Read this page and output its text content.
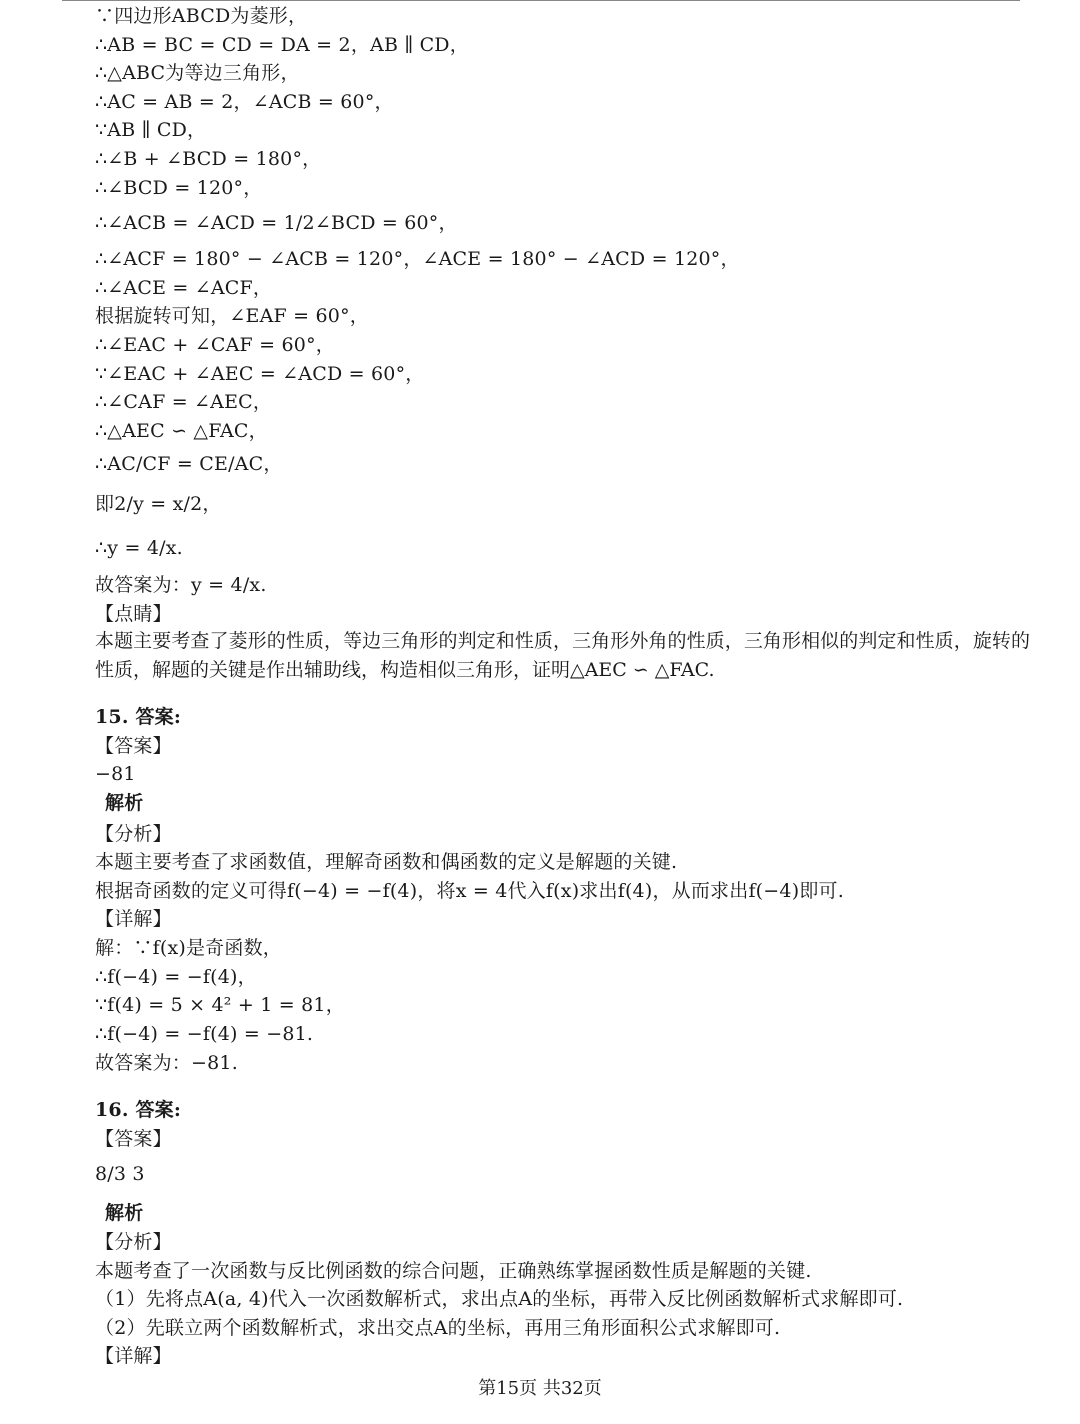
∵四边形ABCD为菱形，
∴AB = BC = CD = DA = 2，AB ∥ CD，
∴△ABC为等边三角形，
∴AC = AB = 2，∠ACB = 60°，
∵AB ∥ CD，
∴∠B + ∠BCD = 180°，
∴∠BCD = 120°，
∴∠ACB = ∠ACD = 1/2∠BCD = 60°，
∴∠ACF = 180° − ∠ACB = 120°，∠ACE = 180° − ∠ACD = 120°，
∴∠ACE = ∠ACF，
根据旋转可知，∠EAF = 60°，
∴∠EAC + ∠CAF = 60°，
∵∠EAC + ∠AEC = ∠ACD = 60°，
∴∠CAF = ∠AEC，
∴△AEC ∽ △FAC，
∴AC/CF = CE/AC，
即2/y = x/2，
∴y = 4/x.
故答案为：y = 4/x.
【点睛】
本题主要考查了菱形的性质，等边三角形的判定和性质，三角形外角的性质，三角形相似的判定和性质，旋转的性质，解题的关键是作出辅助线，构造相似三角形，证明△AEC ∽ △FAC.
15. 答案:
【答案】
−81
解析
【分析】
本题主要考查了求函数值，理解奇函数和偶函数的定义是解题的关键.
根据奇函数的定义可得f(−4) = −f(4)，将x = 4代入f(x)求出f(4)，从而求出f(−4)即可.
【详解】
解：∵f(x)是奇函数，
∴f(−4) = −f(4)，
∵f(4) = 5 × 4² + 1 = 81，
∴f(−4) = −f(4) = −81.
故答案为：−81.
16. 答案:
【答案】
8/3 3
解析
【分析】
本题考查了一次函数与反比例函数的综合问题，正确熟练掌握函数性质是解题的关键.
（1）先将点A(a, 4)代入一次函数解析式，求出点A的坐标，再带入反比例函数解析式求解即可.
（2）先联立两个函数解析式，求出交点A的坐标，再用三角形面积公式求解即可.
【详解】
第15页 共32页
